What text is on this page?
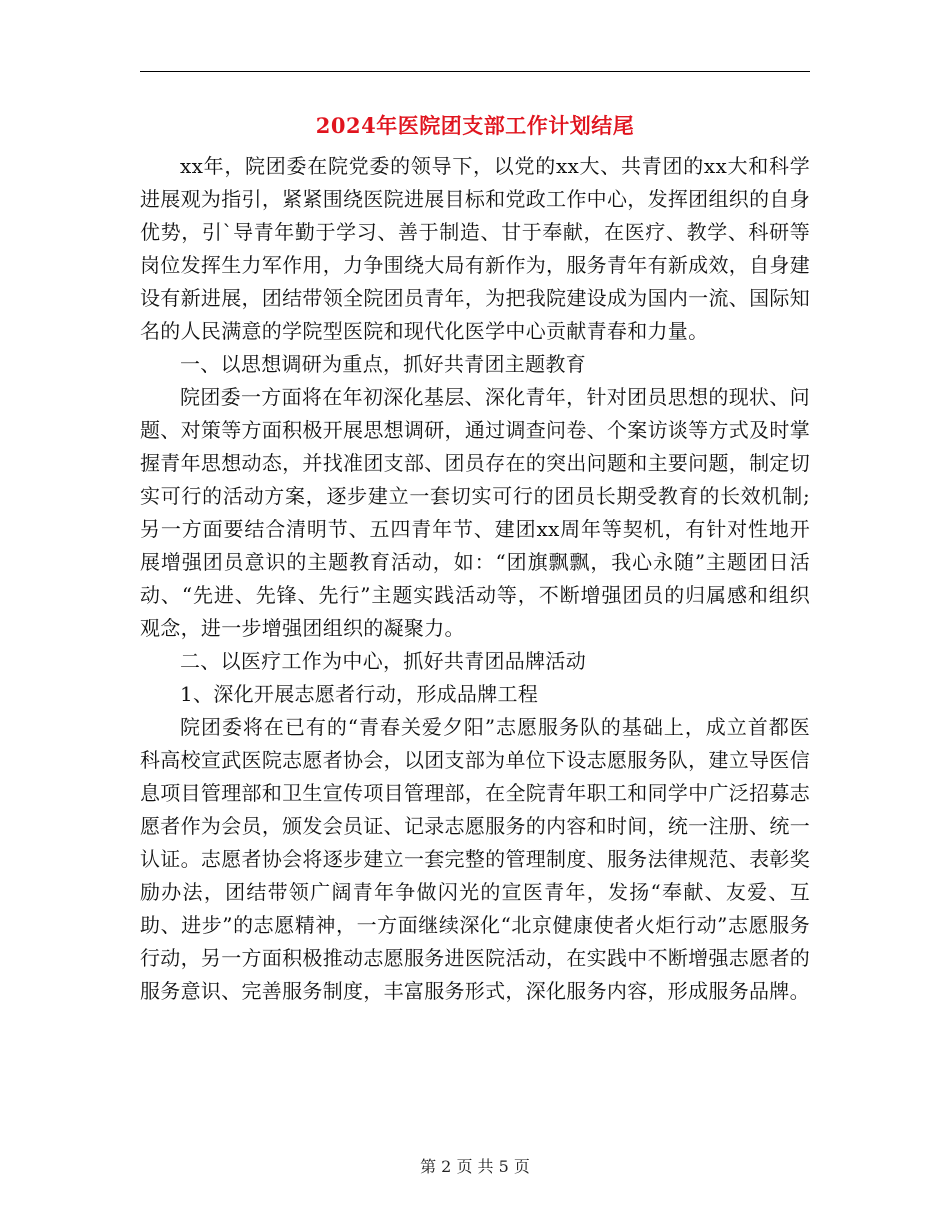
2024年医院团支部工作计划结尾

xx年，院团委在院党委的领导下，以党的xx大、共青团的xx大和科学进展观为指引，紧紧围绕医院进展目标和党政工作中心，发挥团组织的自身优势，引`导青年勤于学习、善于制造、甘于奉献，在医疗、教学、科研等岗位发挥生力军作用，力争围绕大局有新作为，服务青年有新成效，自身建设有新进展，团结带领全院团员青年，为把我院建设成为国内一流、国际知名的人民满意的学院型医院和现代化医学中心贡献青春和力量。

一、以思想调研为重点，抓好共青团主题教育

院团委一方面将在年初深化基层、深化青年，针对团员思想的现状、问题、对策等方面积极开展思想调研，通过调查问卷、个案访谈等方式及时掌握青年思想动态，并找准团支部、团员存在的突出问题和主要问题，制定切实可行的活动方案，逐步建立一套切实可行的团员长期受教育的长效机制;另一方面要结合清明节、五四青年节、建团xx周年等契机，有针对性地开展增强团员意识的主题教育活动，如：“团旗飘飘，我心永随”主题团日活动、“先进、先锋、先行”主题实践活动等，不断增强团员的归属感和组织观念，进一步增强团组织的凝聚力。

二、以医疗工作为中心，抓好共青团品牌活动

1、深化开展志愿者行动，形成品牌工程

院团委将在已有的“青春关爱夕阳”志愿服务队的基础上，成立首都医科高校宣武医院志愿者协会，以团支部为单位下设志愿服务队，建立导医信息项目管理部和卫生宣传项目管理部，在全院青年职工和同学中广泛招募志愿者作为会员，颁发会员证、记录志愿服务的内容和时间，统一注册、统一认证。志愿者协会将逐步建立一套完整的管理制度、服务法律规范、表彰奖励办法，团结带领广阔青年争做闪光的宣医青年，发扬“奉献、友爱、互助、进步”的志愿精神，一方面继续深化“北京健康使者火炬行动”志愿服务行动，另一方面积极推动志愿服务进医院活动，在实践中不断增强志愿者的服务意识、完善服务制度，丰富服务形式，深化服务内容，形成服务品牌。

第 2 页 共 5 页
